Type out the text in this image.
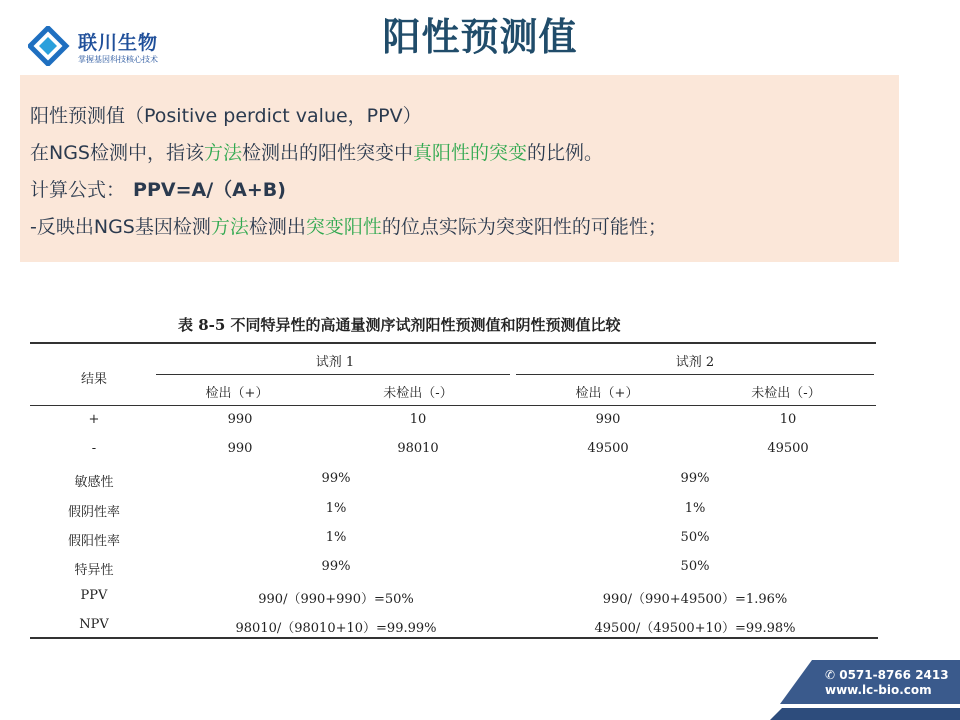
联川生物
掌握基因科技核心技术
阳性预测值
阳性预测值（Positive perdict value，PPV）
在NGS检测中，指该方法检测出的阳性突变中真阳性的突变的比例。
计算公式： PPV=A/（A+B)
-反映出NGS基因检测方法检测出突变阳性的位点实际为突变阳性的可能性；
表 8-5 不同特异性的高通量测序试剂阳性预测值和阴性预测值比较
结果
试剂 1	试剂 2
检出（+）	未检出（-）	检出（+）	未检出（-）
+	990	10	990	10
-	990	98010	49500	49500
敏感性	99%	99%
假阴性率	1%	1%
假阳性率	1%	50%
特异性	99%	50%
PPV	990/（990+990）=50%	990/（990+49500）=1.96%
NPV	98010/（98010+10）=99.99%	49500/（49500+10）=99.98%
✆ 0571-8766 2413
www.lc-bio.com
